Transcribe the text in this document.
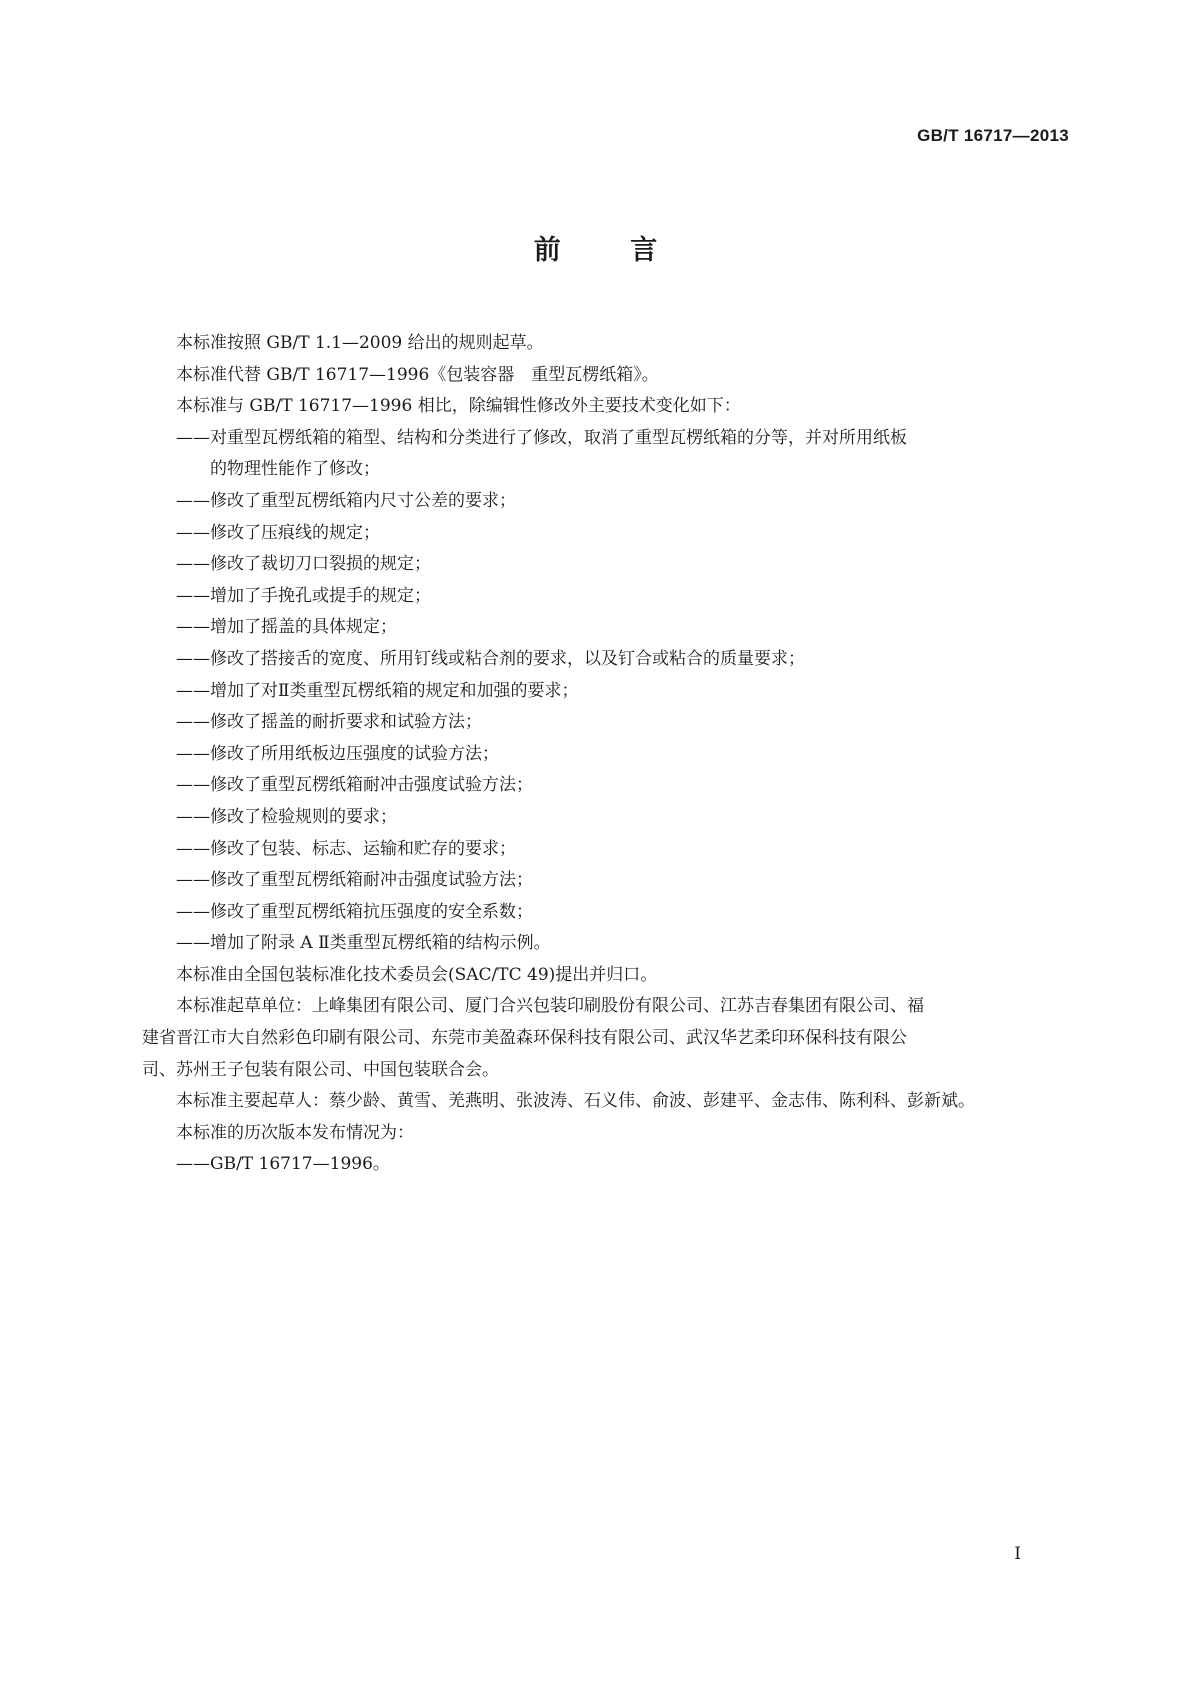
GB/T 16717—2013
前 言

本标准按照 GB/T 1.1—2009 给出的规则起草。

本标准代替 GB/T 16717—1996《包装容器　重型瓦楞纸箱》。

本标准与 GB/T 16717—1996 相比，除编辑性修改外主要技术变化如下：

——对重型瓦楞纸箱的箱型、结构和分类进行了修改，取消了重型瓦楞纸箱的分等，并对所用纸板
的物理性能作了修改；
——修改了重型瓦楞纸箱内尺寸公差的要求；
——修改了压痕线的规定；
——修改了裁切刀口裂损的规定；
——增加了手挽孔或提手的规定；
——增加了摇盖的具体规定；
——修改了搭接舌的宽度、所用钉线或粘合剂的要求，以及钉合或粘合的质量要求；
——增加了对Ⅱ类重型瓦楞纸箱的规定和加强的要求；
——修改了摇盖的耐折要求和试验方法；
——修改了所用纸板边压强度的试验方法；
——修改了重型瓦楞纸箱耐冲击强度试验方法；
——修改了检验规则的要求；
——修改了包装、标志、运输和贮存的要求；
——修改了重型瓦楞纸箱耐冲击强度试验方法；
——修改了重型瓦楞纸箱抗压强度的安全系数；
——增加了附录 A Ⅱ类重型瓦楞纸箱的结构示例。

本标准由全国包装标准化技术委员会(SAC/TC 49)提出并归口。

本标准起草单位：上峰集团有限公司、厦门合兴包装印刷股份有限公司、江苏吉春集团有限公司、福
建省晋江市大自然彩色印刷有限公司、东莞市美盈森环保科技有限公司、武汉华艺柔印环保科技有限公
司、苏州王子包装有限公司、中国包装联合会。

本标准主要起草人：蔡少龄、黄雪、羌燕明、张波涛、石义伟、俞波、彭建平、金志伟、陈利科、彭新斌。

本标准的历次版本发布情况为：

——GB/T 16717—1996。
I
